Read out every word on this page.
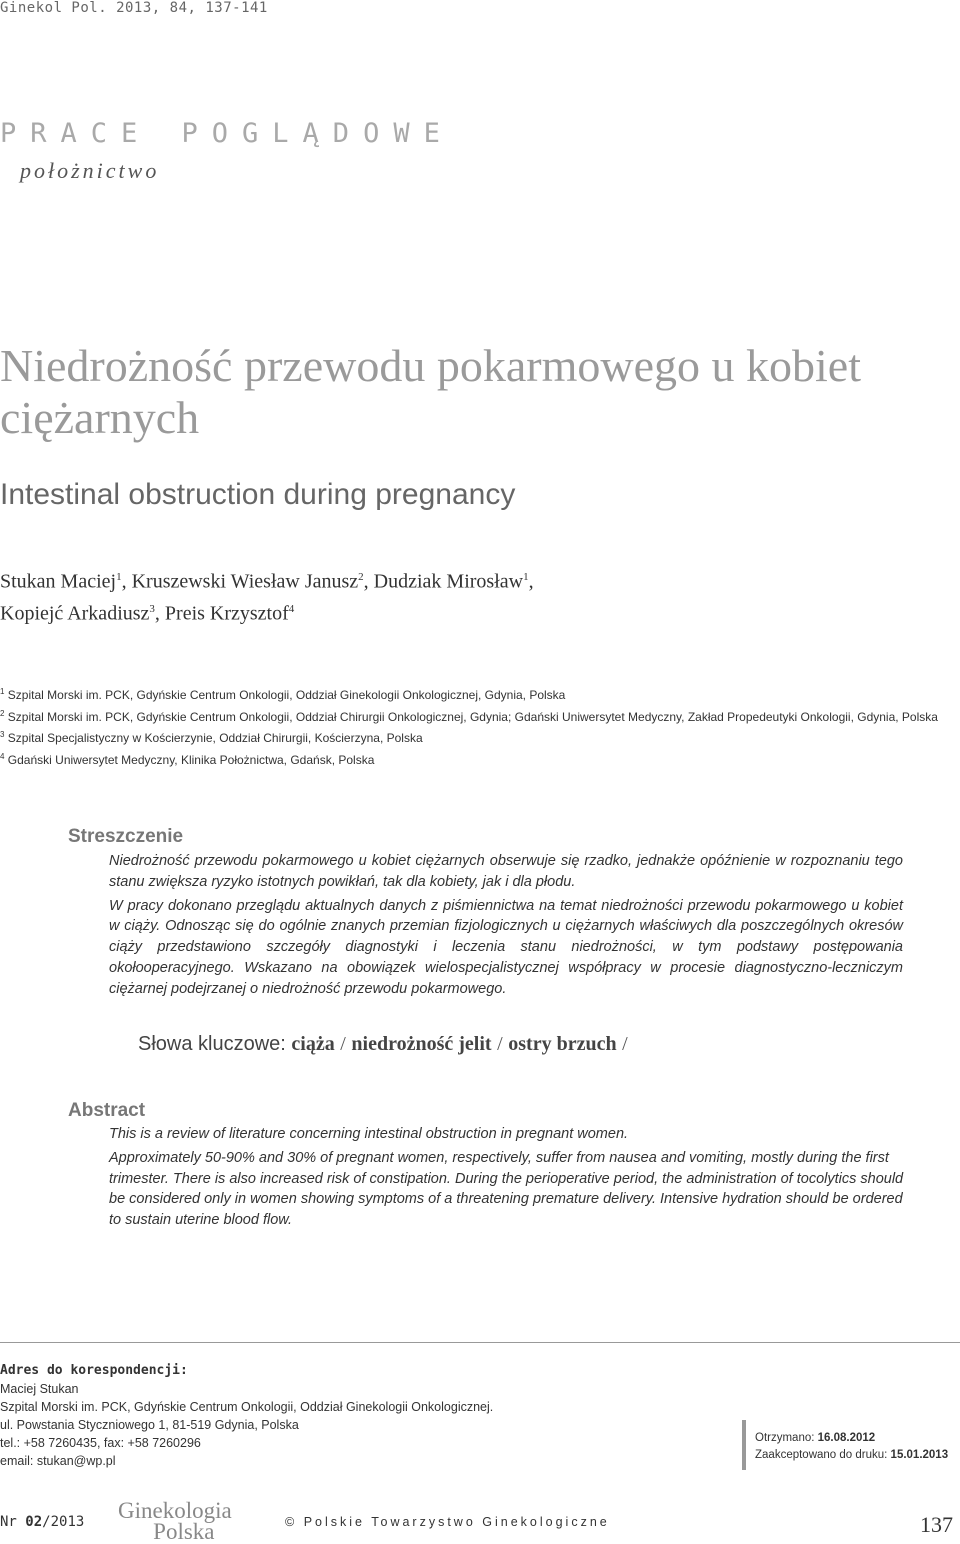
Ginekol Pol. 2013, 84, 137-141
PRACE POGLĄDOWE
położnictwo
Niedrożność przewodu pokarmowego u kobiet ciężarnych
Intestinal obstruction during pregnancy
Stukan Maciej$^1$, Kruszewski Wiesław Janusz$^2$, Dudziak Mirosław$^1$,
Kopiejć Arkadiusz$^3$, Preis Krzysztof$^4$
$^1$ Szpital Morski im. PCK, Gdyńskie Centrum Onkologii, Oddział Ginekologii Onkologicznej, Gdynia, Polska
$^2$ Szpital Morski im. PCK, Gdyńskie Centrum Onkologii, Oddział Chirurgii Onkologicznej, Gdynia; Gdański Uniwersytet Medyczny, Zakład Propedeutyki Onkologii, Gdynia, Polska
$^3$ Szpital Specjalistyczny w Kościerzynie, Oddział Chirurgii, Kościerzyna, Polska
$^4$ Gdański Uniwersytet Medyczny, Klinika Położnictwa, Gdańsk, Polska
Streszczenie

Niedrożność przewodu pokarmowego u kobiet ciężarnych obserwuje się rzadko, jednakże opóźnienie w rozpoznaniu tego stanu zwiększa ryzyko istotnych powikłań, tak dla kobiety, jak i dla płodu.

W pracy dokonano przeglądu aktualnych danych z piśmiennictwa na temat niedrożności przewodu pokarmowego u kobiet w ciąży. Odnosząc się do ogólnie znanych przemian fizjologicznych u ciężarnych właściwych dla poszczególnych okresów ciąży przedstawiono szczegóły diagnostyki i leczenia stanu niedrożności, w tym podstawy postępowania okołooperacyjnego. Wskazano na obowiązek wielospecjalistycznej współpracy w procesie diagnostyczno-leczniczym ciężarnej podejrzanej o niedrożność przewodu pokarmowego.

Słowa kluczowe: ciąża / niedrożność jelit / ostry brzuch /
Abstract

This is a review of literature concerning intestinal obstruction in pregnant women.

Approximately 50-90% and 30% of pregnant women, respectively, suffer from nausea and vomiting, mostly during the first trimester. There is also increased risk of constipation. During the perioperative period, the administration of tocolytics should be considered only in women showing symptoms of a threatening premature delivery. Intensive hydration should be ordered to sustain uterine blood flow.

Adres do korespondencji:
Maciej Stukan
Szpital Morski im. PCK, Gdyńskie Centrum Onkologii, Oddział Ginekologii Onkologicznej.
ul. Powstania Styczniowego 1, 81-519 Gdynia, Polska
tel.: +58 7260435, fax: +58 7260296
email: stukan@wp.pl
Otrzymano: 16.08.2012
Zaakceptowano do druku: 15.01.2013
Nr 02/2013 Ginekologia
Polska	© Polskie Towarzystwo Ginekologiczne	137
